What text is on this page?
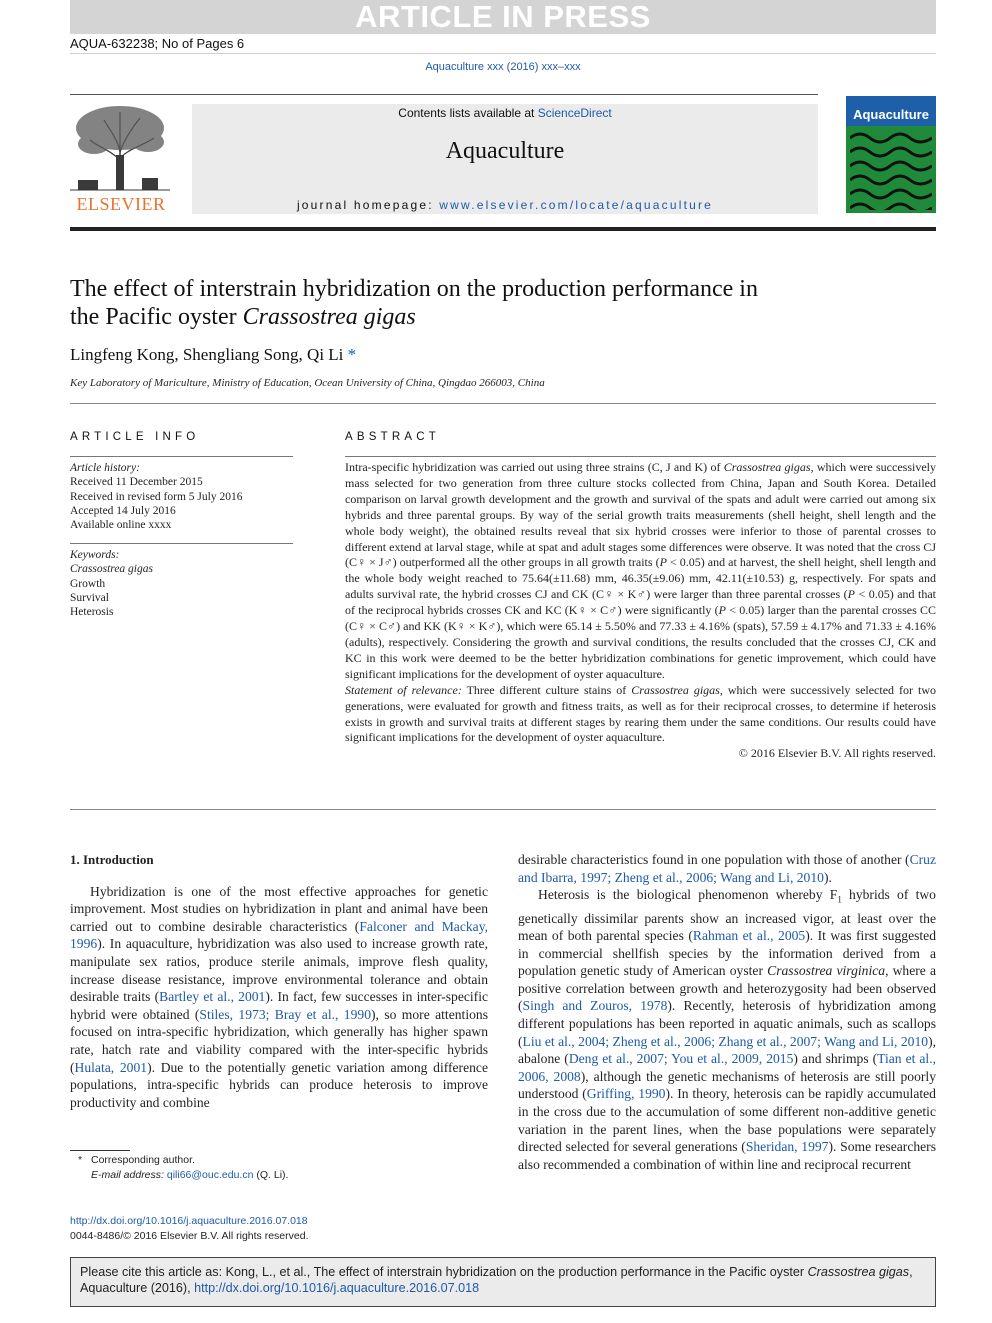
ARTICLE IN PRESS
AQUA-632238; No of Pages 6
Aquaculture xxx (2016) xxx–xxx
ELSEVIER
Contents lists available at ScienceDirect
Aquaculture
journal homepage: www.elsevier.com/locate/aquaculture
Aquaculture
The effect of interstrain hybridization on the production performance in
the Pacific oyster Crassostrea gigas
Lingfeng Kong, Shengliang Song, Qi Li *
Key Laboratory of Mariculture, Ministry of Education, Ocean University of China, Qingdao 266003, China
ARTICLE INFO
Article history:
Received 11 December 2015
Received in revised form 5 July 2016
Accepted 14 July 2016
Available online xxxx
Keywords:
Crassostrea gigas
Growth
Survival
Heterosis
ABSTRACT

Intra-specific hybridization was carried out using three strains (C, J and K) of Crassostrea gigas, which were successively mass selected for two generation from three culture stocks collected from China, Japan and South Korea. Detailed comparison on larval growth development and the growth and survival of the spats and adult were carried out among six hybrids and three parental groups. By way of the serial growth traits measurements (shell height, shell length and the whole body weight), the obtained results reveal that six hybrid crosses were inferior to those of parental crosses to different extend at larval stage, while at spat and adult stages some differences were observe. It was noted that the cross CJ (C♀ × J♂) outperformed all the other groups in all growth traits (P < 0.05) and at harvest, the shell height, shell length and the whole body weight reached to 75.64(±11.68) mm, 46.35(±9.06) mm, 42.11(±10.53) g, respectively. For spats and adults survival rate, the hybrid crosses CJ and CK (C♀ × K♂) were larger than three parental crosses (P < 0.05) and that of the reciprocal hybrids crosses CK and KC (K♀ × C♂) were significantly (P < 0.05) larger than the parental crosses CC (C♀ × C♂) and KK (K♀ × K♂), which were 65.14 ± 5.50% and 77.33 ± 4.16% (spats), 57.59 ± 4.17% and 71.33 ± 4.16% (adults), respectively. Considering the growth and survival conditions, the results concluded that the crosses CJ, CK and KC in this work were deemed to be the better hybridization combinations for genetic improvement, which could have significant implications for the development of oyster aquaculture.

Statement of relevance: Three different culture stains of Crassostrea gigas, which were successively selected for two generations, were evaluated for growth and fitness traits, as well as for their reciprocal crosses, to determine if heterosis exists in growth and survival traits at different stages by rearing them under the same conditions. Our results could have significant implications for the development of oyster aquaculture.

© 2016 Elsevier B.V. All rights reserved.

1. Introduction

Hybridization is one of the most effective approaches for genetic improvement. Most studies on hybridization in plant and animal have been carried out to combine desirable characteristics (Falconer and Mackay, 1996). In aquaculture, hybridization was also used to increase growth rate, manipulate sex ratios, produce sterile animals, improve flesh quality, increase disease resistance, improve environmental tolerance and obtain desirable traits (Bartley et al., 2001). In fact, few successes in inter-specific hybrid were obtained (Stiles, 1973; Bray et al., 1990), so more attentions focused on intra-specific hybridization, which generally has higher spawn rate, hatch rate and viability compared with the inter-specific hybrids (Hulata, 2001). Due to the potentially genetic variation among difference populations, intra-specific hybrids can produce heterosis to improve productivity and combine

desirable characteristics found in one population with those of another (Cruz and Ibarra, 1997; Zheng et al., 2006; Wang and Li, 2010).

Heterosis is the biological phenomenon whereby $F_1$ hybrids of two genetically dissimilar parents show an increased vigor, at least over the mean of both parental species (Rahman et al., 2005). It was first suggested in commercial shellfish species by the information derived from a population genetic study of American oyster Crassostrea virginica, where a positive correlation between growth and heterozygosity had been observed (Singh and Zouros, 1978). Recently, heterosis of hybridization among different populations has been reported in aquatic animals, such as scallops (Liu et al., 2004; Zheng et al., 2006; Zhang et al., 2007; Wang and Li, 2010), abalone (Deng et al., 2007; You et al., 2009, 2015) and shrimps (Tian et al., 2006, 2008), although the genetic mechanisms of heterosis are still poorly understood (Griffing, 1990). In theory, heterosis can be rapidly accumulated in the cross due to the accumulation of some different non-additive genetic variation in the parent lines, when the base populations were separately directed selected for several generations (Sheridan, 1997). Some researchers also recommended a combination of within line and reciprocal recurrent

* Corresponding author.
E-mail address: qili66@ouc.edu.cn (Q. Li).
http://dx.doi.org/10.1016/j.aquaculture.2016.07.018
0044-8486/© 2016 Elsevier B.V. All rights reserved.
Please cite this article as: Kong, L., et al., The effect of interstrain hybridization on the production performance in the Pacific oyster Crassostrea gigas, Aquaculture (2016), http://dx.doi.org/10.1016/j.aquaculture.2016.07.018
